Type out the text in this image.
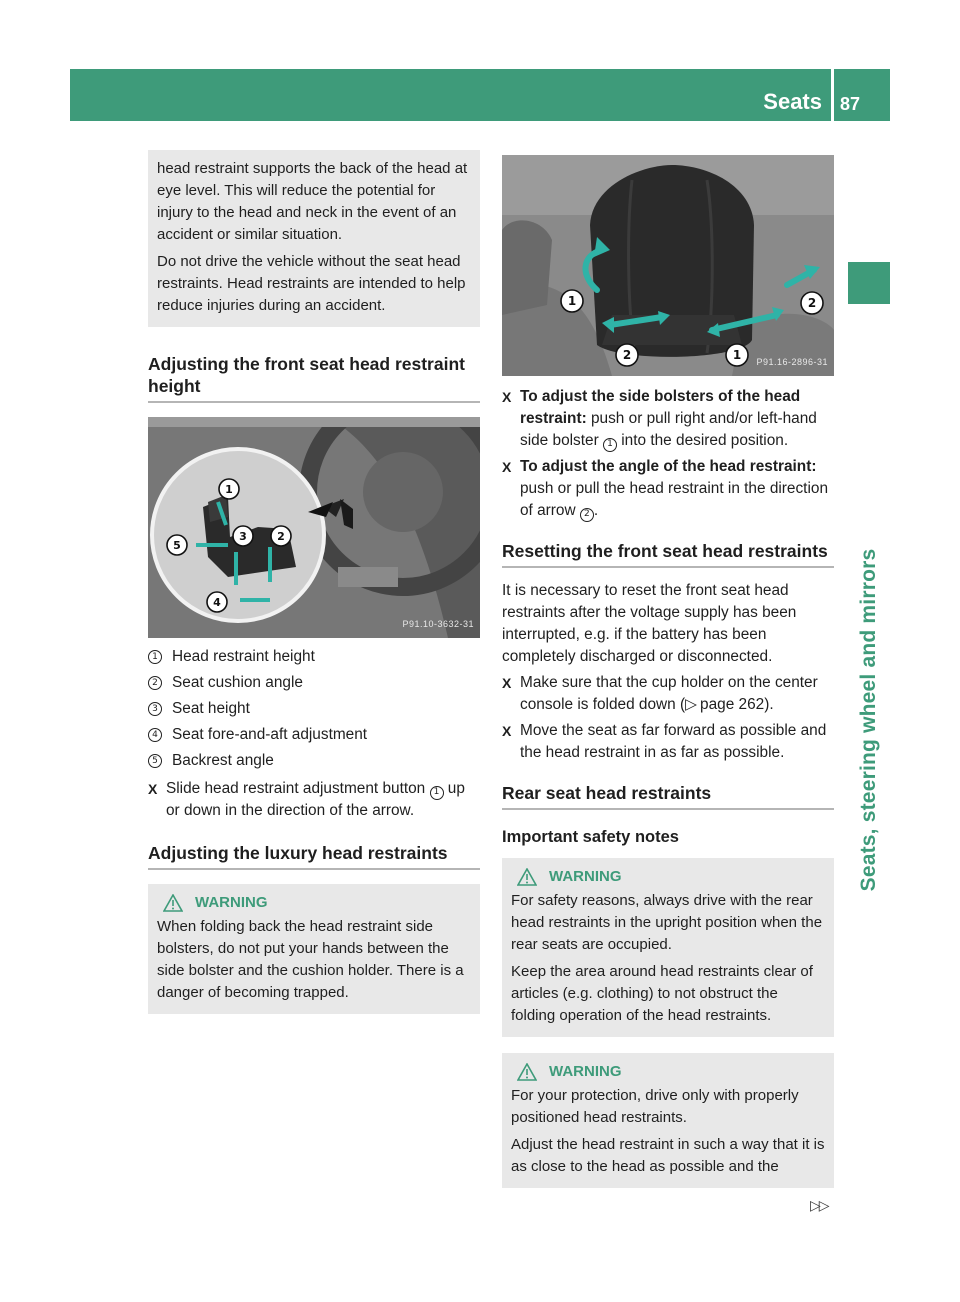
Seats 87
Seats, steering wheel and mirrors

head restraint supports the back of the head at eye level. This will reduce the potential for injury to the head and neck in the event of an accident or similar situation.

Do not drive the vehicle without the seat head restraints. Head restraints are intended to help reduce injuries during an accident.

Adjusting the front seat head restraint height
1
2
3
4
5
P91.10-3632-31
1 Head restraint height
2 Seat cushion angle
3 Seat height
4 Seat fore-and-aft adjustment
5 Backrest angle
X Slide head restraint adjustment button 1 up or down in the direction of the arrow.
Adjusting the luxury head restraints
WARNING

When folding back the head restraint side bolsters, do not put your hands between the side bolster and the cushion holder. There is a danger of becoming trapped.

1	2
2	1 P91.16-2896-31
X To adjust the side bolsters of the head restraint: push or pull right and/or left-hand side bolster 1 into the desired position.
X To adjust the angle of the head restraint: push or pull the head restraint in the direction of arrow 2 .
Resetting the front seat head restraints

It is necessary to reset the front seat head restraints after the voltage supply has been interrupted, e.g. if the battery has been completely discharged or disconnected.

X Make sure that the cup holder on the center console is folded down (▷ page 262).
X Move the seat as far forward as possible and the head restraint in as far as possible.
Rear seat head restraints
Important safety notes
WARNING

For safety reasons, always drive with the rear head restraints in the upright position when the rear seats are occupied.

Keep the area around head restraints clear of articles (e.g. clothing) to not obstruct the folding operation of the head restraints.

WARNING

For your protection, drive only with properly positioned head restraints.

Adjust the head restraint in such a way that it is as close to the head as possible and the

▷▷
